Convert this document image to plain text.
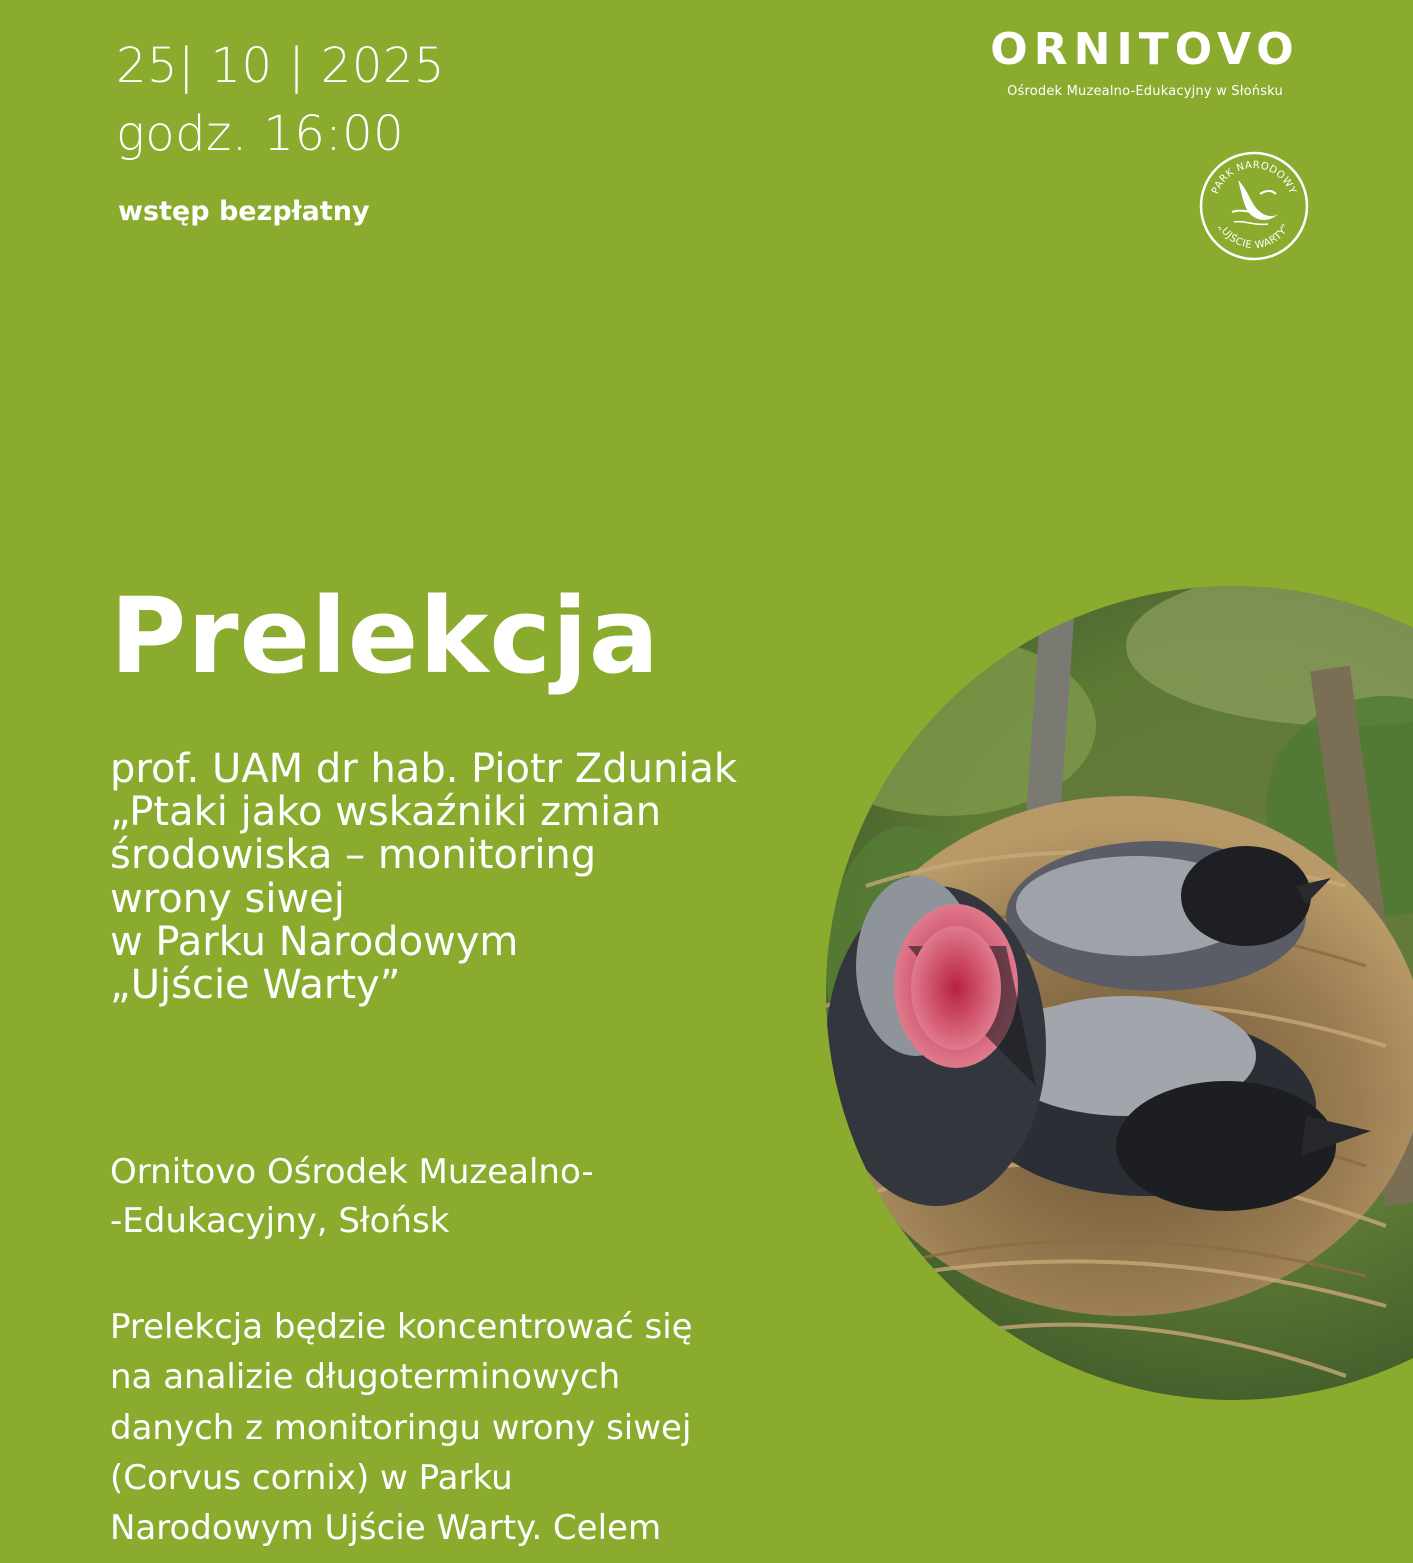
25| 10 | 2025
godz. 16:00
wstęp bezpłatny
ORNITOVO
Ośrodek Muzealno-Edukacyjny w Słońsku
PARK NARODOWY
„UJŚCIE WARTY”
Prelekcja
prof. UAM dr hab. Piotr Zduniak
„Ptaki jako wskaźniki zmian
środowiska – monitoring
wrony siwej
w Parku Narodowym
„Ujście Warty”
Ornitovo Ośrodek Muzealno-
-Edukacyjny, Słońsk
Prelekcja będzie koncentrować się
na analizie długoterminowych
danych z monitoringu wrony siwej
(Corvus cornix) w Parku
Narodowym Ujście Warty. Celem
